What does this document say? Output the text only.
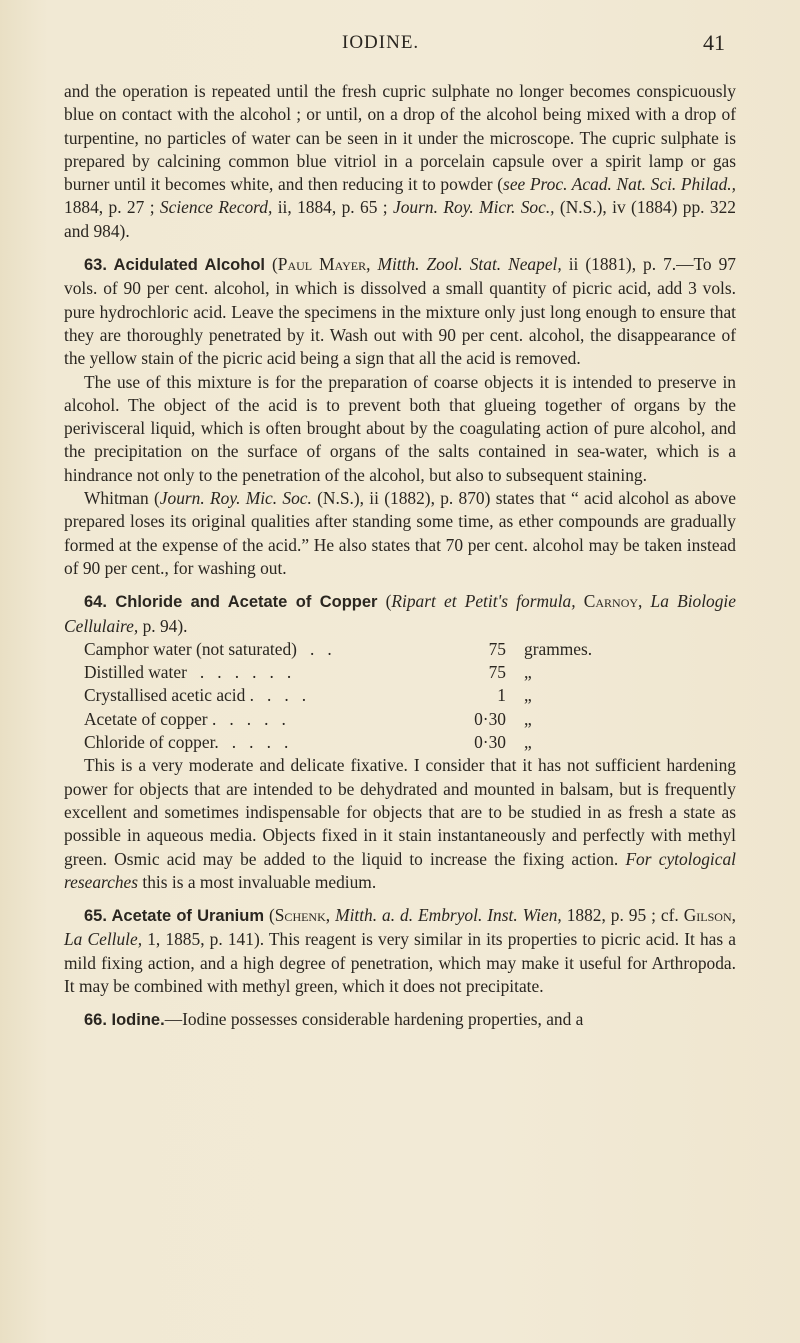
IODINE.	41

and the operation is repeated until the fresh cupric sulphate no longer becomes conspicuously blue on contact with the alcohol ; or until, on a drop of the alcohol being mixed with a drop of turpentine, no particles of water can be seen in it under the microscope. The cupric sulphate is prepared by calcining common blue vitriol in a porcelain capsule over a spirit lamp or gas burner until it becomes white, and then reducing it to powder (see Proc. Acad. Nat. Sci. Philad., 1884, p. 27 ; Science Record, ii, 1884, p. 65 ; Journ. Roy. Micr. Soc., (N.S.), iv (1884) pp. 322 and 984).

63. Acidulated Alcohol (Paul Mayer, Mitth. Zool. Stat. Neapel, ii (1881), p. 7.—To 97 vols. of 90 per cent. alcohol, in which is dissolved a small quantity of picric acid, add 3 vols. pure hydrochloric acid. Leave the specimens in the mixture only just long enough to ensure that they are thoroughly penetrated by it. Wash out with 90 per cent. alcohol, the disappearance of the yellow stain of the picric acid being a sign that all the acid is removed.

The use of this mixture is for the preparation of coarse objects it is intended to preserve in alcohol. The object of the acid is to prevent both that glueing together of organs by the perivisceral liquid, which is often brought about by the coagulating action of pure alcohol, and the precipitation on the surface of organs of the salts contained in sea-water, which is a hindrance not only to the penetration of the alcohol, but also to subsequent staining.

Whitman (Journ. Roy. Mic. Soc. (N.S.), ii (1882), p. 870) states that “ acid alcohol as above prepared loses its original qualities after standing some time, as ether compounds are gradually formed at the expense of the acid.” He also states that 70 per cent. alcohol may be taken instead of 90 per cent., for washing out.

64. Chloride and Acetate of Copper (Ripart et Petit's formula, Carnoy, La Biologie Cellulaire, p. 94).

Camphor water (not saturated)   .   .	75	grammes.
Distilled water   .   .   .   .   .   .	75	„
Crystallised acetic acid .   .   .   .	1	„
Acetate of copper .   .   .   .   .	0·30	„
Chloride of copper.   .   .   .   .	0·30	„

This is a very moderate and delicate fixative. I consider that it has not sufficient hardening power for objects that are intended to be dehydrated and mounted in balsam, but is frequently excellent and sometimes indispensable for objects that are to be studied in as fresh a state as possible in aqueous media. Objects fixed in it stain instantaneously and perfectly with methyl green. Osmic acid may be added to the liquid to increase the fixing action. For cytological researches this is a most invaluable medium.

65. Acetate of Uranium (Schenk, Mitth. a. d. Embryol. Inst. Wien, 1882, p. 95 ; cf. Gilson, La Cellule, 1, 1885, p. 141). This reagent is very similar in its properties to picric acid. It has a mild fixing action, and a high degree of penetration, which may make it useful for Arthropoda. It may be combined with methyl green, which it does not precipitate.

66. Iodine.—Iodine possesses considerable hardening properties, and a
